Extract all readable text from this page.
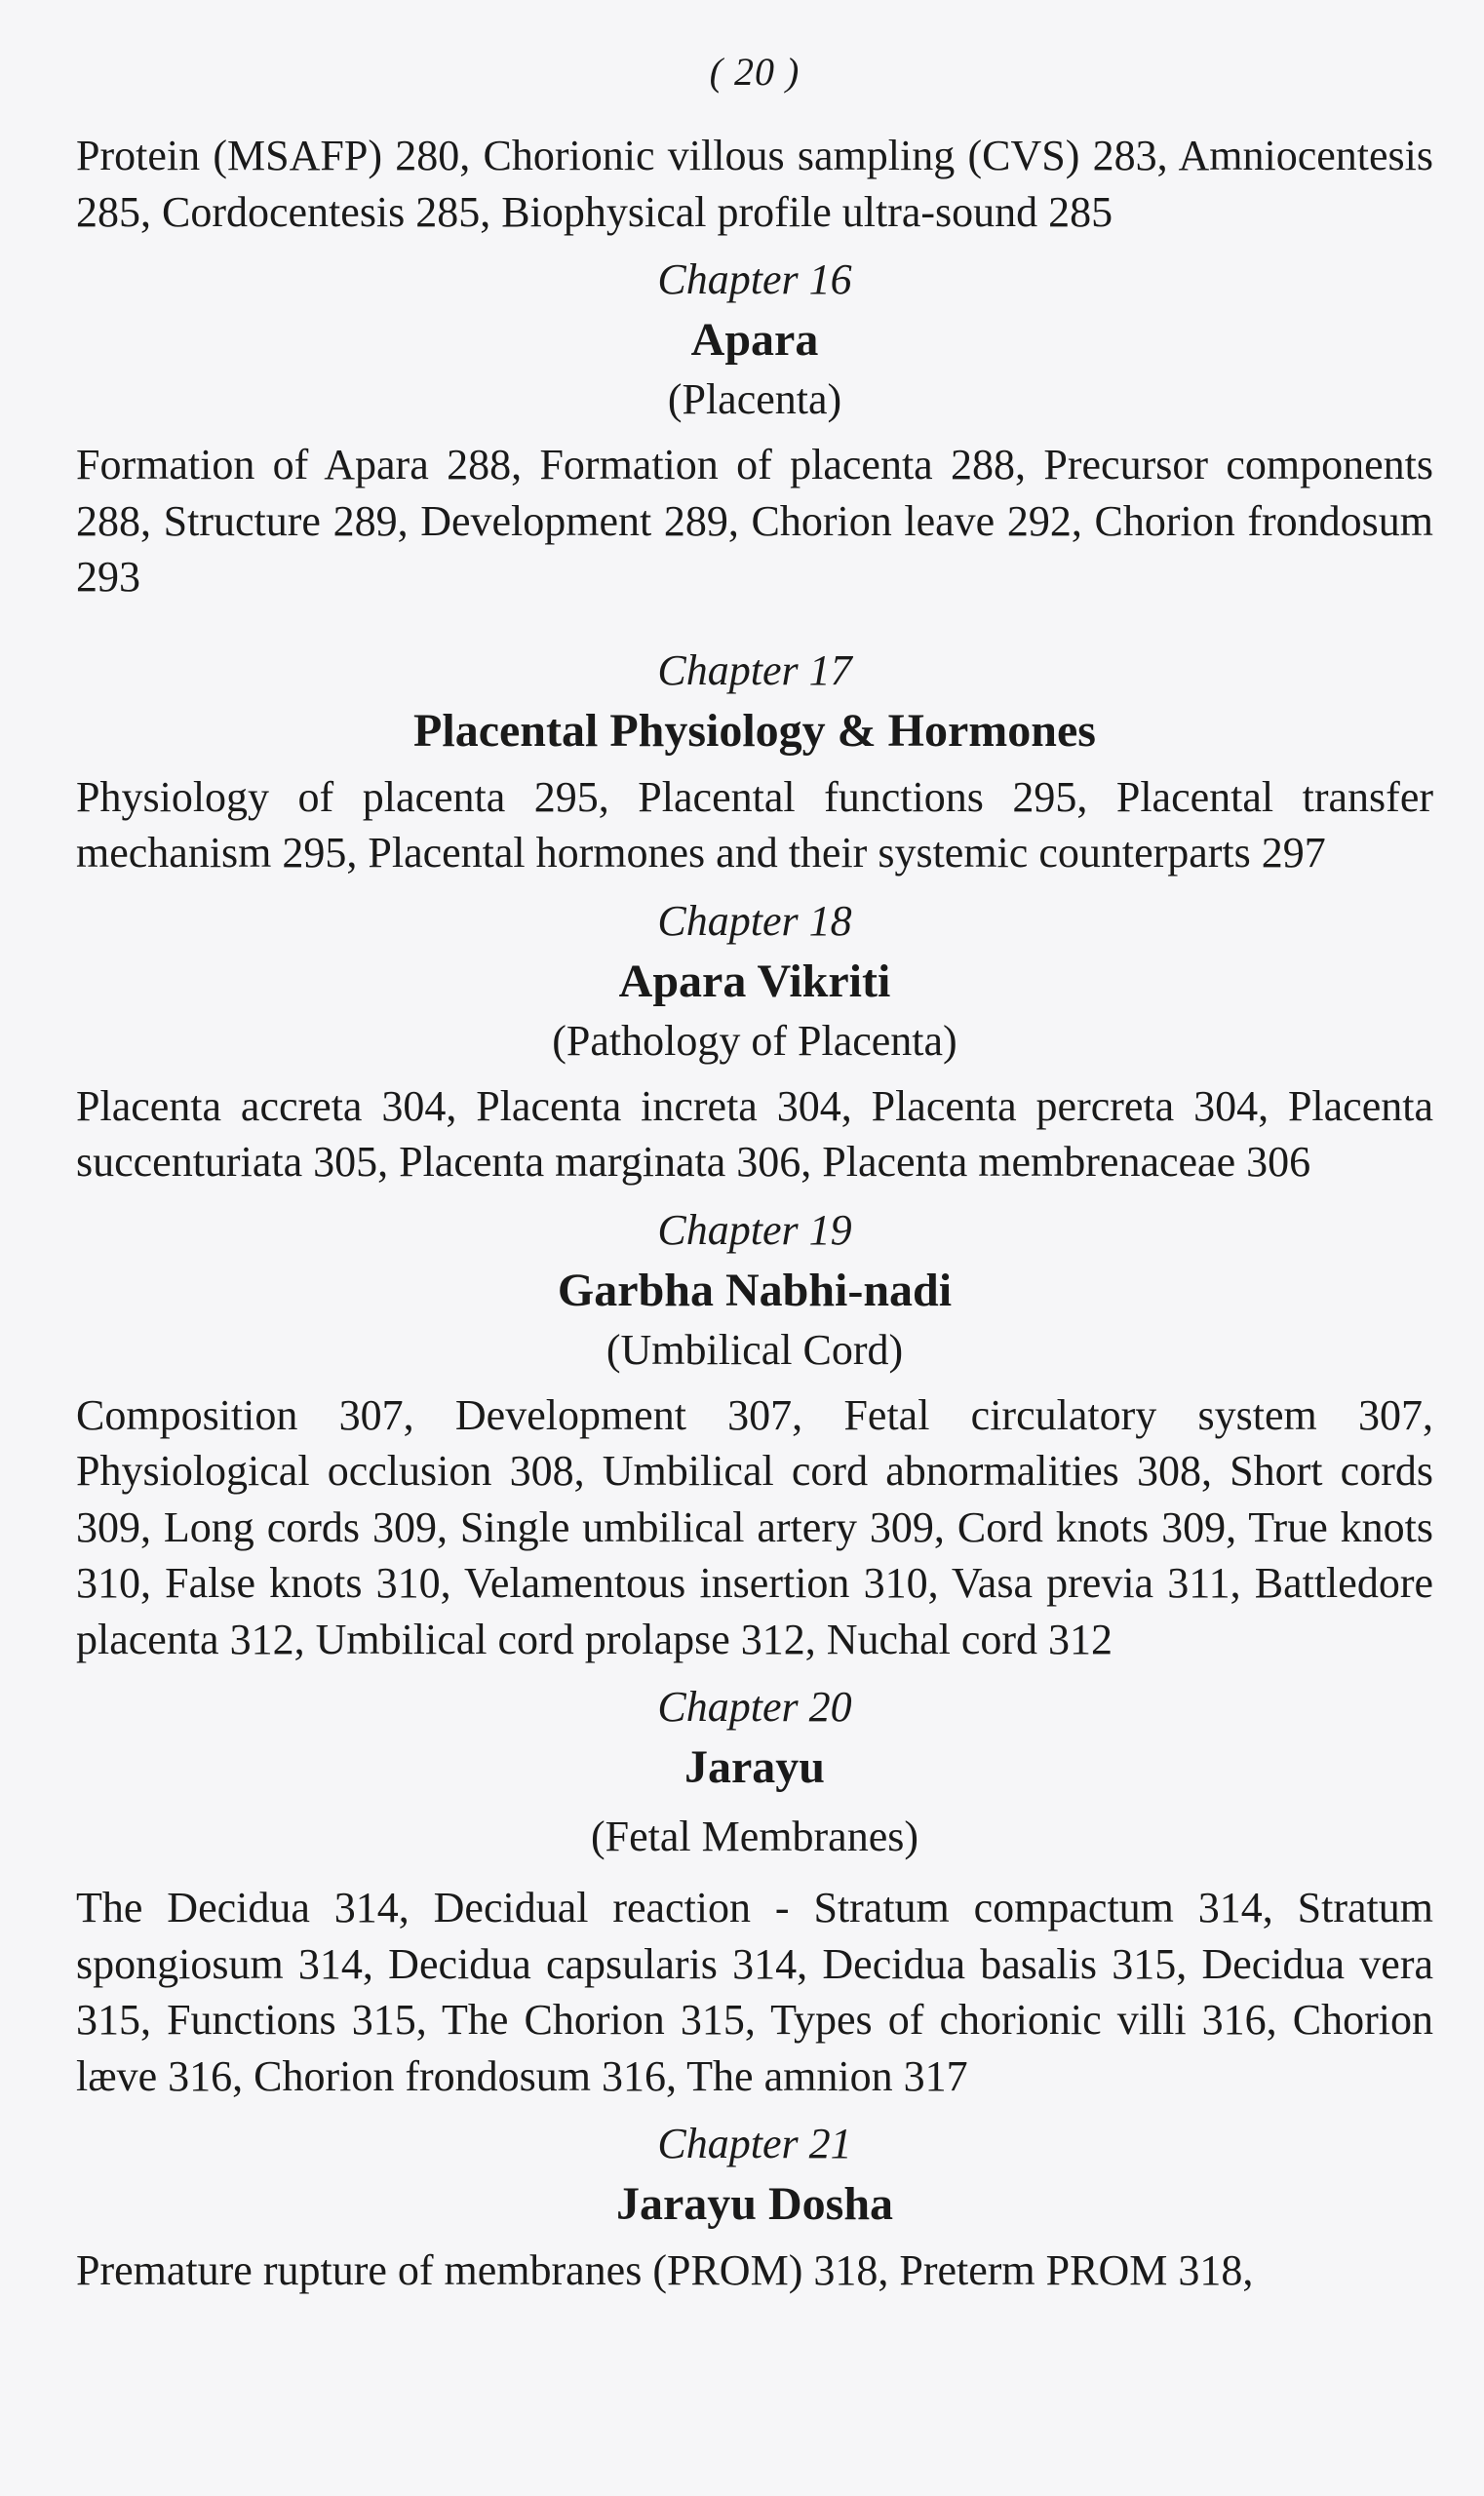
( 20 )

Protein (MSAFP) 280, Chorionic villous sampling (CVS) 283, Amniocentesis 285, Cordocentesis 285, Biophysical profile ultra-sound 285

Chapter 16
Apara
(Placenta)

Formation of Apara 288, Formation of placenta 288, Precursor components 288, Structure 289, Development 289, Chorion leave 292, Chorion frondosum 293

Chapter 17
Placental Physiology & Hormones

Physiology of placenta 295, Placental functions 295, Placental transfer mechanism 295, Placental hormones and their systemic counterparts 297

Chapter 18
Apara Vikriti
(Pathology of Placenta)

Placenta accreta 304, Placenta increta 304, Placenta percreta 304, Placenta succenturiata 305, Placenta marginata 306, Placenta membrenaceae 306

Chapter 19
Garbha Nabhi-nadi
(Umbilical Cord)

Composition 307, Development 307, Fetal circulatory system 307, Physiological occlusion 308, Umbilical cord abnormalities 308, Short cords 309, Long cords 309, Single umbilical artery 309, Cord knots 309, True knots 310, False knots 310, Velamentous insertion 310, Vasa previa 311, Battledore placenta 312, Umbilical cord prolapse 312, Nuchal cord 312

Chapter 20
Jarayu
(Fetal Membranes)

The Decidua 314, Decidual reaction - Stratum compactum 314, Stratum spongiosum 314, Decidua capsularis 314, Decidua basalis 315, Decidua vera 315, Functions 315, The Chorion 315, Types of chorionic villi 316, Chorion læve 316, Chorion frondosum 316, The amnion 317

Chapter 21
Jarayu Dosha

Premature rupture of membranes (PROM) 318, Preterm PROM 318,
